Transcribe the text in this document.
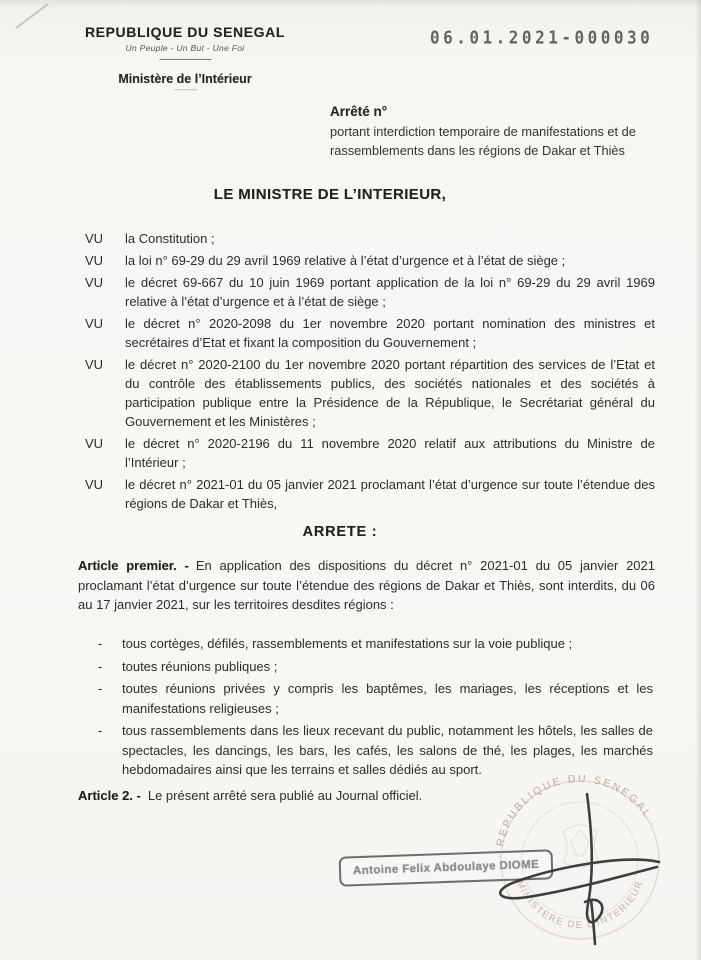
REPUBLIQUE DU SENEGAL
Un Peuple - Un But - Une Foi
--------------------------
Ministère de l’Intérieur
--------------
06.01.2021-000030
Arrêté n°
portant interdiction temporaire de manifestations et de rassemblements dans les régions de Dakar et Thiès
LE MINISTRE DE L’INTERIEUR,
VU	la Constitution ;
VU	la loi n° 69-29 du 29 avril 1969 relative à l’état d’urgence et à l’état de siège ;
VU	le décret 69-667 du 10 juin 1969 portant application de la loi n° 69-29 du 29 avril 1969 relative à l’état d’urgence et à l’état de siège ;
VU	le décret n° 2020-2098 du 1er novembre 2020 portant nomination des ministres et secrétaires d’Etat et fixant la composition du Gouvernement ;
VU	le décret n° 2020-2100 du 1er novembre 2020 portant répartition des services de l’Etat et du contrôle des établissements publics, des sociétés nationales et des sociétés à participation publique entre la Présidence de la République, le Secrétariat général du Gouvernement et les Ministères ;
VU	le décret n° 2020-2196 du 11 novembre 2020 relatif aux attributions du Ministre de l’Intérieur ;
VU	le décret n° 2021-01 du 05 janvier 2021 proclamant l’état d’urgence sur toute l’étendue des régions de Dakar et Thiès,
ARRETE :

Article premier. - En application des dispositions du décret n° 2021-01 du 05 janvier 2021 proclamant l’état d’urgence sur toute l’étendue des régions de Dakar et Thiès, sont interdits, du 06 au 17 janvier 2021, sur les territoires desdites régions :

-	tous cortèges, défilés, rassemblements et manifestations sur la voie publique ;
-	toutes réunions publiques ;
-	toutes réunions privées y compris les baptêmes, les mariages, les réceptions et les manifestations religieuses ;
-	tous rassemblements dans les lieux recevant du public, notamment les hôtels, les salles de spectacles, les dancings, les bars, les cafés, les salons de thé, les plages, les marchés hebdomadaires ainsi que les terrains et salles dédiés au sport.

Article 2. - Le présent arrêté sera publié au Journal officiel.

Antoine Felix Abdoulaye DIOME
· REPUBLIQUE DU SENEGAL ·
MINISTERE DE L’INTERIEUR
